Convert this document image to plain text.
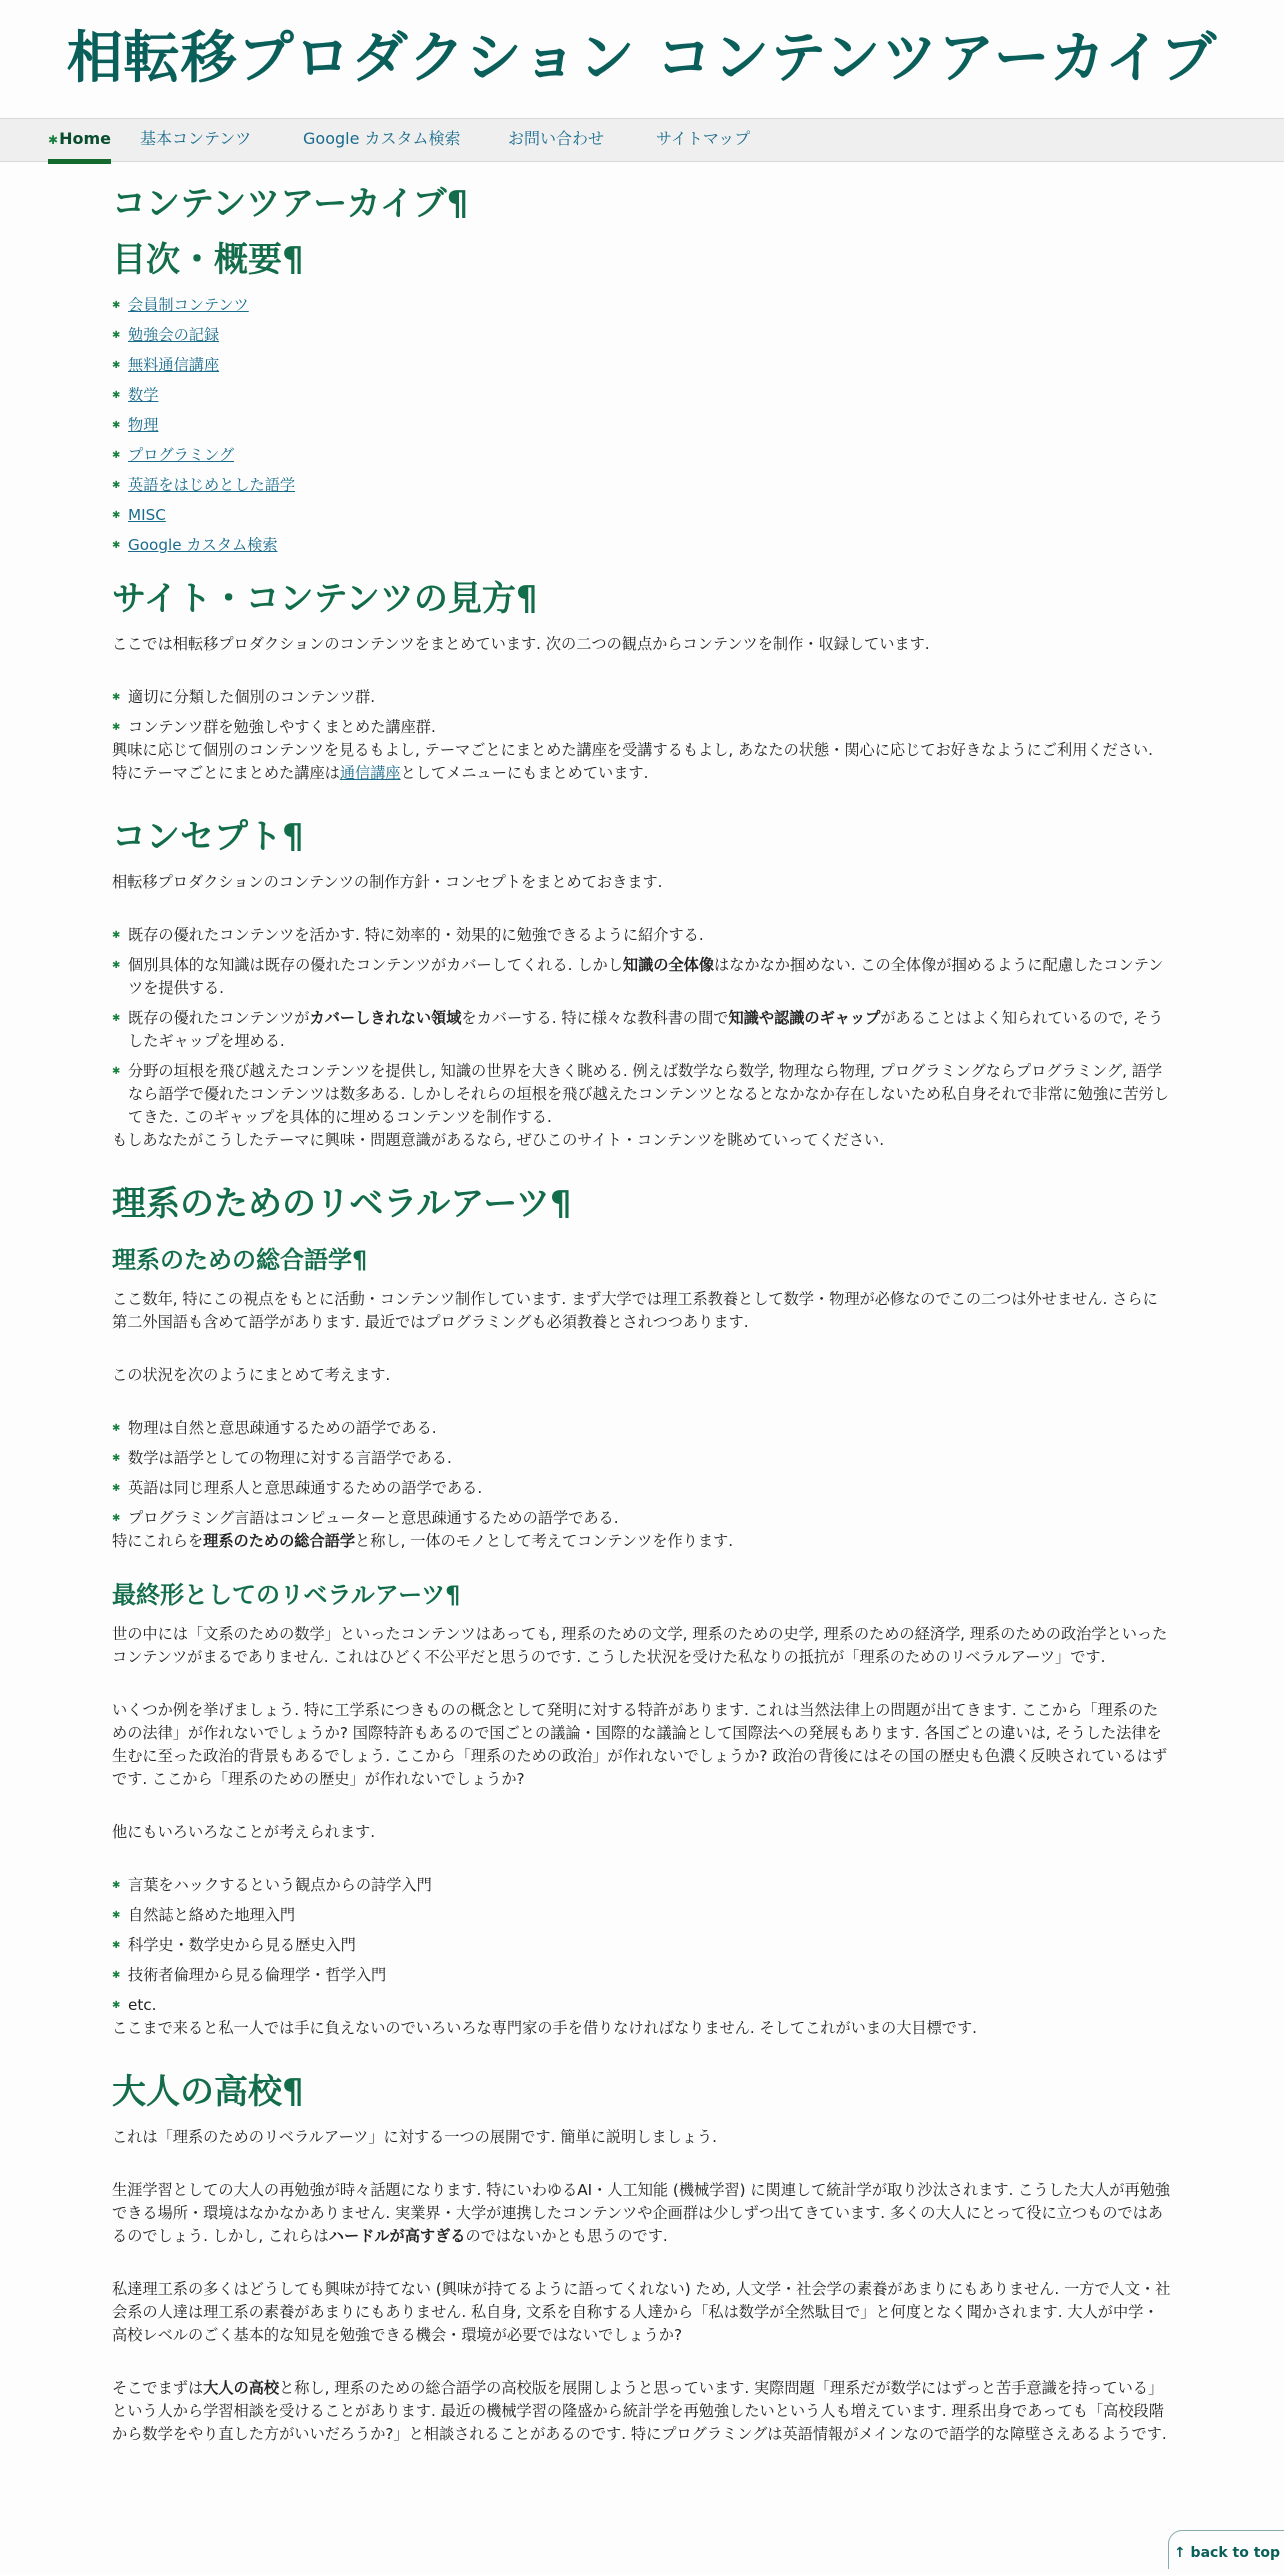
相転移プロダクション コンテンツアーカイブ
✱Home 基本コンテンツ	Google カスタム検索	お問い合わせ	サイトマップ
コンテンツアーカイブ¶
目次・概要¶
✱ 会員制コンテンツ
✱ 勉強会の記録
✱ 無料通信講座
✱ 数学
✱ 物理
✱ プログラミング
✱ 英語をはじめとした語学
✱ MISC
✱ Google カスタム検索
サイト・コンテンツの見方¶

ここでは相転移プロダクションのコンテンツをまとめています. 次の二つの観点からコンテンツを制作・収録しています.

✱ 適切に分類した個別のコンテンツ群.
✱ コンテンツ群を勉強しやすくまとめた講座群.

興味に応じて個別のコンテンツを見るもよし, テーマごとにまとめた講座を受講するもよし, あなたの状態・関心に応じてお好きなようにご利用ください. 特にテーマごとにまとめた講座は通信講座としてメニューにもまとめています.

コンセプト¶

相転移プロダクションのコンテンツの制作方針・コンセプトをまとめておきます.

✱ 既存の優れたコンテンツを活かす. 特に効率的・効果的に勉強できるように紹介する.
✱ 個別具体的な知識は既存の優れたコンテンツがカバーしてくれる. しかし知識の全体像はなかなか掴めない. この全体像が掴めるように配慮したコンテンツを提供する.
✱ 既存の優れたコンテンツがカバーしきれない領域をカバーする. 特に様々な教科書の間で知識や認識のギャップがあることはよく知られているので, そうしたギャップを埋める.
✱ 分野の垣根を飛び越えたコンテンツを提供し, 知識の世界を大きく眺める. 例えば数学なら数学, 物理なら物理, プログラミングならプログラミング, 語学なら語学で優れたコンテンツは数多ある. しかしそれらの垣根を飛び越えたコンテンツとなるとなかなか存在しないため私自身それで非常に勉強に苦労してきた. このギャップを具体的に埋めるコンテンツを制作する.

もしあなたがこうしたテーマに興味・問題意識があるなら, ぜひこのサイト・コンテンツを眺めていってください.

理系のためのリベラルアーツ¶
理系のための総合語学¶

ここ数年, 特にこの視点をもとに活動・コンテンツ制作しています. まず大学では理工系教養として数学・物理が必修なのでこの二つは外せません. さらに第二外国語も含めて語学があります. 最近ではプログラミングも必須教養とされつつあります.

この状況を次のようにまとめて考えます.

✱ 物理は自然と意思疎通するための語学である.
✱ 数学は語学としての物理に対する言語学である.
✱ 英語は同じ理系人と意思疎通するための語学である.
✱ プログラミング言語はコンピューターと意思疎通するための語学である.

特にこれらを理系のための総合語学と称し, 一体のモノとして考えてコンテンツを作ります.

最終形としてのリベラルアーツ¶

世の中には「文系のための数学」といったコンテンツはあっても, 理系のための文学, 理系のための史学, 理系のための経済学, 理系のための政治学といったコンテンツがまるでありません. これはひどく不公平だと思うのです. こうした状況を受けた私なりの抵抗が「理系のためのリベラルアーツ」です.

いくつか例を挙げましょう. 特に工学系につきものの概念として発明に対する特許があります. これは当然法律上の問題が出てきます. ここから「理系のための法律」が作れないでしょうか? 国際特許もあるので国ごとの議論・国際的な議論として国際法への発展もあります. 各国ごとの違いは, そうした法律を生むに至った政治的背景もあるでしょう. ここから「理系のための政治」が作れないでしょうか? 政治の背後にはその国の歴史も色濃く反映されているはずです. ここから「理系のための歴史」が作れないでしょうか?

他にもいろいろなことが考えられます.

✱ 言葉をハックするという観点からの詩学入門
✱ 自然誌と絡めた地理入門
✱ 科学史・数学史から見る歴史入門
✱ 技術者倫理から見る倫理学・哲学入門
✱ etc.

ここまで来ると私一人では手に負えないのでいろいろな専門家の手を借りなければなりません. そしてこれがいまの大目標です.

大人の高校¶

これは「理系のためのリベラルアーツ」に対する一つの展開です. 簡単に説明しましょう.

生涯学習としての大人の再勉強が時々話題になります. 特にいわゆるAI・人工知能 (機械学習) に関連して統計学が取り沙汰されます. こうした大人が再勉強できる場所・環境はなかなかありません. 実業界・大学が連携したコンテンツや企画群は少しずつ出てきています. 多くの大人にとって役に立つものではあるのでしょう. しかし, これらはハードルが高すぎるのではないかとも思うのです.

私達理工系の多くはどうしても興味が持てない (興味が持てるように語ってくれない) ため, 人文学・社会学の素養があまりにもありません. 一方で人文・社会系の人達は理工系の素養があまりにもありません. 私自身, 文系を自称する人達から「私は数学が全然駄目で」と何度となく聞かされます. 大人が中学・高校レベルのごく基本的な知見を勉強できる機会・環境が必要ではないでしょうか?

そこでまずは大人の高校と称し, 理系のための総合語学の高校版を展開しようと思っています. 実際問題「理系だが数学にはずっと苦手意識を持っている」という人から学習相談を受けることがあります. 最近の機械学習の隆盛から統計学を再勉強したいという人も増えています. 理系出身であっても「高校段階から数学をやり直した方がいいだろうか?」と相談されることがあるのです. 特にプログラミングは英語情報がメインなので語学的な障壁さえあるようです.

↑ back to top
